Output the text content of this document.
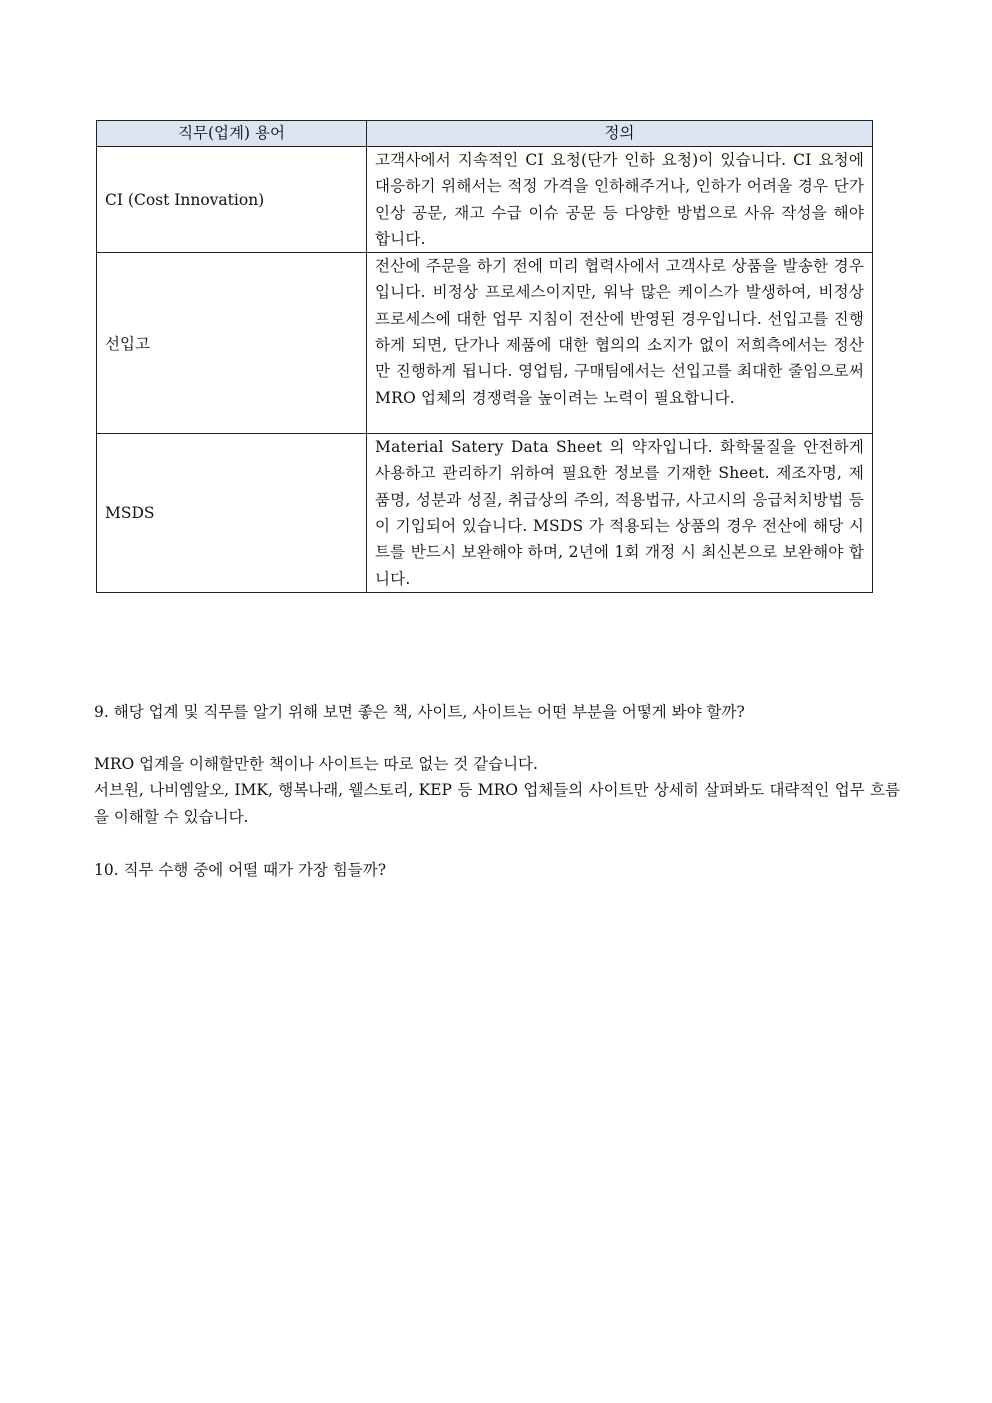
직무(업계) 용어	정의
CI (Cost Innovation)	고객사에서 지속적인 CI 요청(단가 인하 요청)이 있습니다. CI 요청에 대응하기 위해서는 적정 가격을 인하해주거나, 인하가 어려울 경우 단가인상 공문, 재고 수급 이슈 공문 등 다양한 방법으로 사유 작성을 해야 합니다.
선입고	전산에 주문을 하기 전에 미리 협력사에서 고객사로 상품을 발송한 경우입니다. 비정상 프로세스이지만, 워낙 많은 케이스가 발생하여, 비정상 프로세스에 대한 업무 지침이 전산에 반영된 경우입니다. 선입고를 진행하게 되면, 단가나 제품에 대한 협의의 소지가 없이 저희측에서는 정산만 진행하게 됩니다. 영업팀, 구매팀에서는 선입고를 최대한 줄임으로써 MRO 업체의 경쟁력을 높이려는 노력이 필요합니다.
MSDS	Material Satery Data Sheet 의 약자입니다. 화학물질을 안전하게 사용하고 관리하기 위하여 필요한 정보를 기재한 Sheet. 제조자명, 제품명, 성분과 성질, 취급상의 주의, 적용법규, 사고시의 응급처치방법 등이 기입되어 있습니다. MSDS 가 적용되는 상품의 경우 전산에 해당 시트를 반드시 보완해야 하며, 2년에 1회 개정 시 최신본으로 보완해야 합니다.

9. 해당 업계 및 직무를 알기 위해 보면 좋은 책, 사이트, 사이트는 어떤 부분을 어떻게 봐야 할까?

MRO 업계을 이해할만한 책이나 사이트는 따로 없는 것 같습니다.

서브원, 나비엠알오, IMK, 행복나래, 웰스토리, KEP 등 MRO 업체들의 사이트만 상세히 살펴봐도 대략적인 업무 흐름을 이해할 수 있습니다.

10. 직무 수행 중에 어떨 때가 가장 힘들까?
